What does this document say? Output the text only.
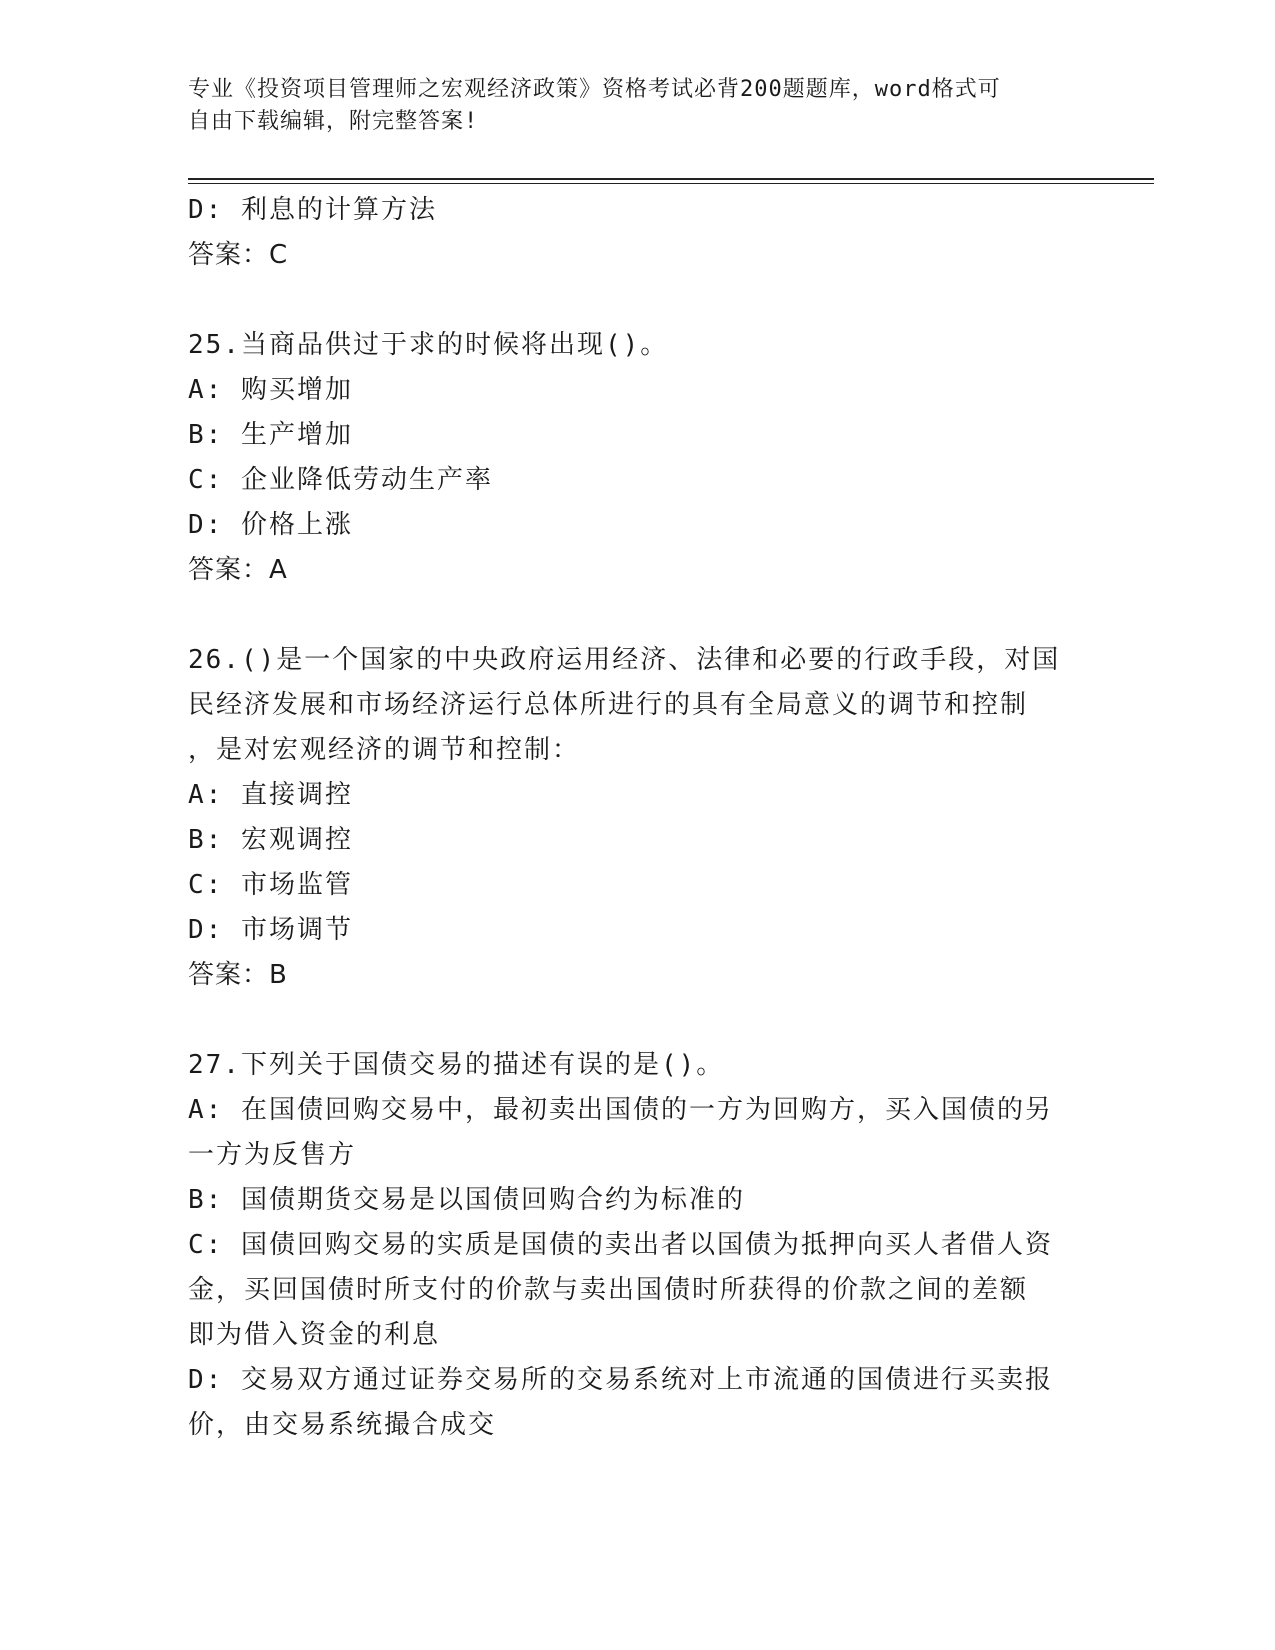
专业《投资项目管理师之宏观经济政策》资格考试必背200题题库，word格式可

自由下载编辑，附完整答案!

D: 利息的计算方法

答案：C

25.当商品供过于求的时候将出现()。

A: 购买增加

B: 生产增加

C: 企业降低劳动生产率

D: 价格上涨

答案：A

26.()是一个国家的中央政府运用经济、法律和必要的行政手段，对国

民经济发展和市场经济运行总体所进行的具有全局意义的调节和控制

，是对宏观经济的调节和控制：

A: 直接调控

B: 宏观调控

C: 市场监管

D: 市场调节

答案：B

27.下列关于国债交易的描述有误的是()。

A: 在国债回购交易中，最初卖出国债的一方为回购方，买入国债的另

一方为反售方

B: 国债期货交易是以国债回购合约为标准的

C: 国债回购交易的实质是国债的卖出者以国债为抵押向买人者借人资

金，买回国债时所支付的价款与卖出国债时所获得的价款之间的差额

即为借入资金的利息

D: 交易双方通过证券交易所的交易系统对上市流通的国债进行买卖报

价，由交易系统撮合成交
